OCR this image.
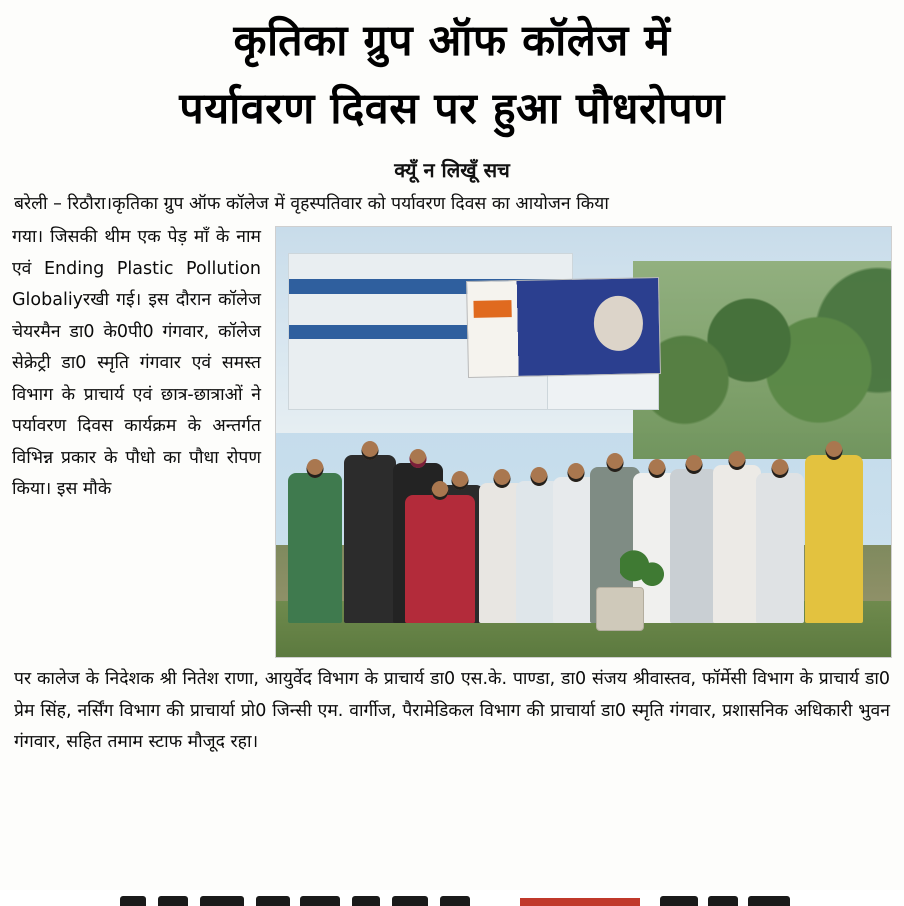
कृतिका ग्रुप ऑफ कॉलेज में
पर्यावरण दिवस पर हुआ पौधरोपण
क्यूँ न लिखूँ सच

बरेली – रिठौरा।कृतिका ग्रुप ऑफ कॉलेज में वृहस्पतिवार को पर्यावरण दिवस का आयोजन किया

गया। जिसकी थीम एक पेड़ माँ के नाम एवं Ending Plastic Pollution Globaliyरखी गई। इस दौरान कॉलेज चेयरमैन डा0 के0पी0 गंगवार, कॉलेज सेक्रेट्री डा0 स्मृति गंगवार एवं समस्त विभाग के प्राचार्य एवं छात्र-छात्राओं ने पर्यावरण दिवस कार्यक्रम के अन्तर्गत विभिन्न प्रकार के पौधो का पौधा रोपण किया। इस मौके
पर कालेज के निदेशक श्री नितेश राणा, आयुर्वेद विभाग के प्राचार्य डा0 एस.के. पाण्डा, डा0 संजय श्रीवास्तव, फॉर्मेसी विभाग के प्राचार्य डा0 प्रेम सिंह, नर्सिंग विभाग की प्राचार्या प्रो0 जिन्सी एम. वार्गीज, पैरामेडिकल विभाग की प्राचार्या डा0 स्मृति गंगवार, प्रशासनिक अधिकारी भुवन गंगवार, सहित तमाम स्टाफ मौजूद रहा।
